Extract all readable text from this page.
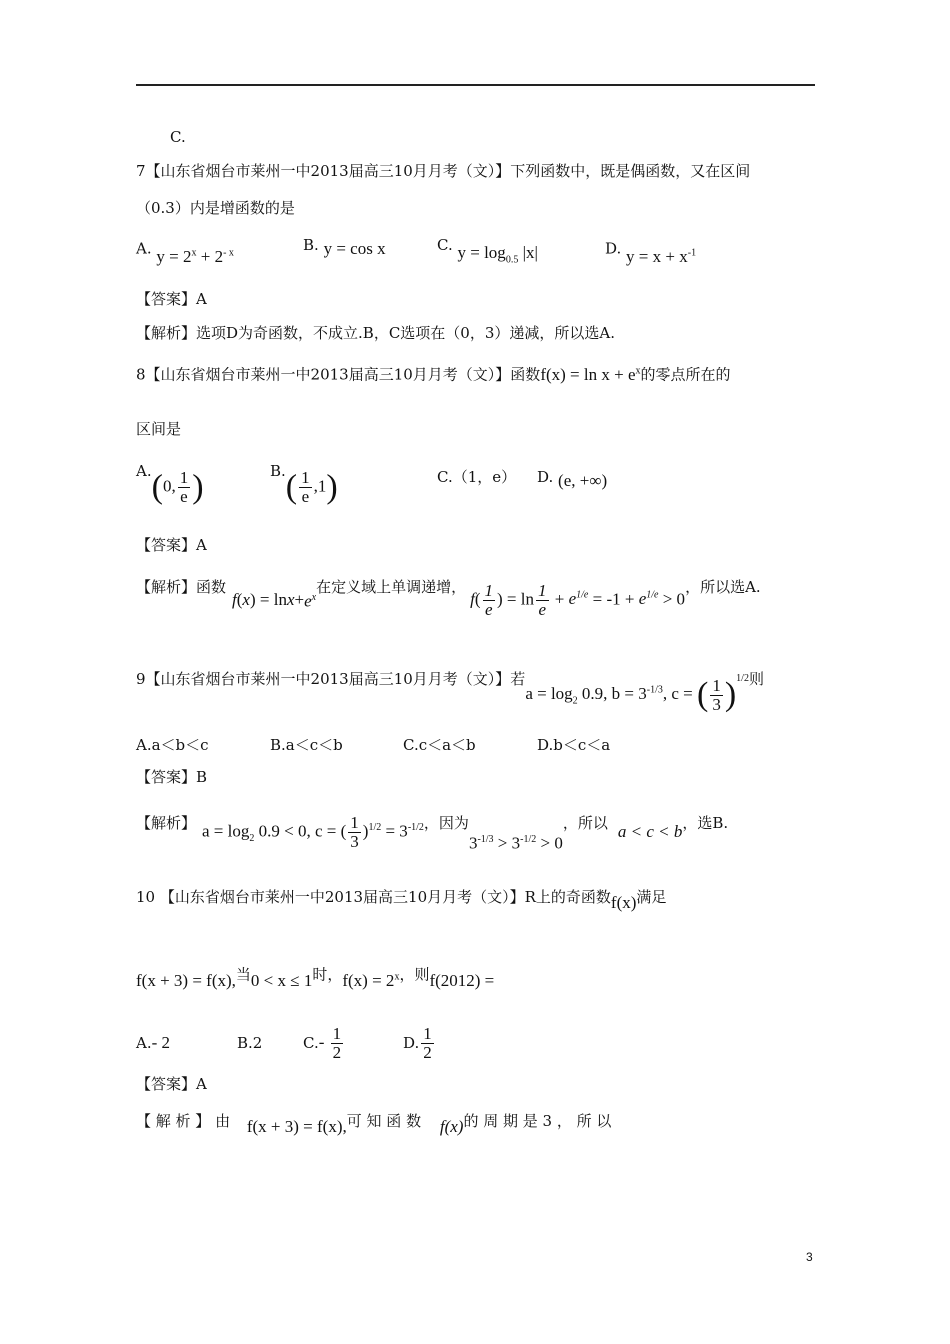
C.
7【山东省烟台市莱州一中2013届高三10月月考（文）】下列函数中，既是偶函数，又在区间
（0.3）内是增函数的是
A. $y = 2^x + 2^{- x}$	B. y = cos x	C. $y = \log_{0.5} |x|$	D. $y = x + x^{-1}$
【答案】A
【解析】选项D为奇函数，不成立.B，C选项在（0，3）递减，所以选A.
8【山东省烟台市莱州一中2013届高三10月月考（文）】函数$f(x) = \ln x + e^x$的零点所在的
区间是
A. (0, $\frac{1}{e}$ )	B. ( $\frac{1}{e} ,1$)	C.（1，e） D. (e, +∞)
【答案】A
【解析】函数
f ( x ) = $\ln x + e^x$
在定义域上单调递增，
$f( \frac{1}{e}$ ) = $\ln \frac{1}{e} + e^{1/e} = -1 + e^{1/e} > 0$
，所以选A.
9【山东省烟台市莱州一中2013届高三10月月考（文）】若
$a = \log_2 0.9$, $b = 3^{-1/3}$, c = ( $\frac{1}{3} )^{1/2}$ 则
A.a＜b＜c	B.a＜c＜b	C.c＜a＜b	D.b＜c＜a
【答案】B
【解析】 $a = \log_2 0.9 < 0$, c = ( $\frac{1}{3} )^{1/2} = 3^{-1/2}$ ，因为
$3^{-1/3} > 3^{-1/2} > 0$
，所以 a < c < b ，选B.
10 【山东省烟台市莱州一中2013届高三10月月考（文）】R上的奇函数f(x)满足
f(x + 3) = f(x),当0 < x ≤ 1时，$f(x) = 2^x$，则f(2012) =
A. - 2	B.2	C. - $\frac{1}{2}$	D. $\frac{1}{2}$
【答案】A
【 解 析 】 由 f(x + 3) = f(x),可 知 函 数 f(x)的 周 期 是 3 ， 所 以
3
